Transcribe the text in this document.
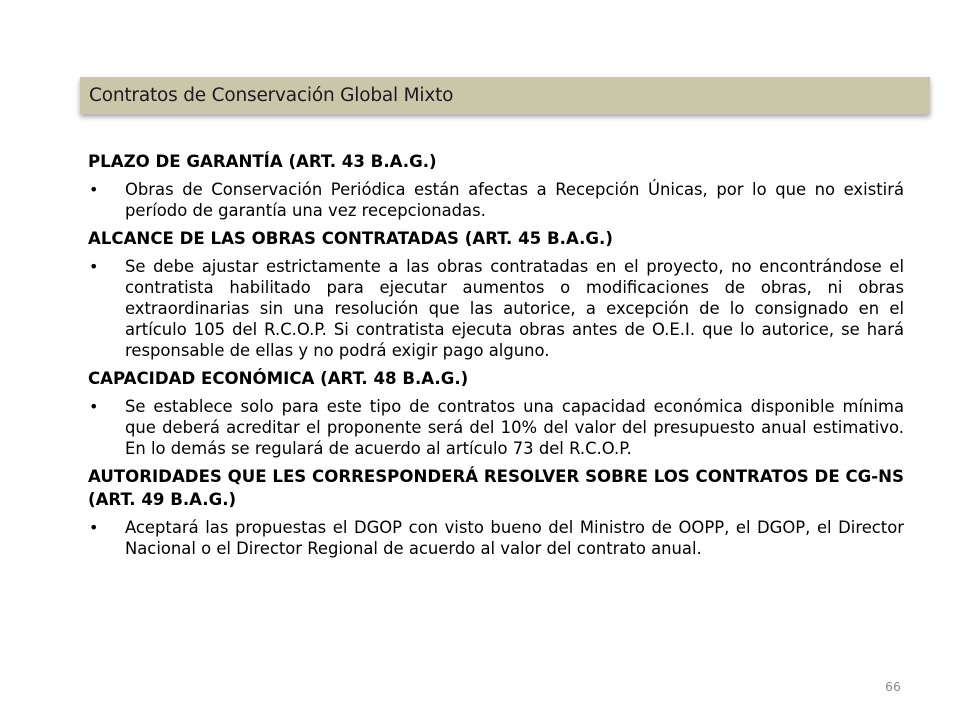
Contratos de Conservación Global Mixto
PLAZO DE GARANTÍA (ART. 43 B.A.G.)
•	Obras de Conservación Periódica están afectas a Recepción Únicas, por lo que no existirá período de garantía una vez recepcionadas.
ALCANCE DE LAS OBRAS CONTRATADAS (ART. 45 B.A.G.)
•	Se debe ajustar estrictamente a las obras contratadas en el proyecto, no encontrándose el contratista habilitado para ejecutar aumentos o modificaciones de obras, ni obras extraordinarias sin una resolución que las autorice, a excepción de lo consignado en el artículo 105 del R.C.O.P. Si contratista ejecuta obras antes de O.E.I. que lo autorice, se hará responsable de ellas y no podrá exigir pago alguno.
CAPACIDAD ECONÓMICA (ART. 48 B.A.G.)
•	Se establece solo para este tipo de contratos una capacidad económica disponible mínima que deberá acreditar el proponente será del 10% del valor del presupuesto anual estimativo. En lo demás se regulará de acuerdo al artículo 73 del R.C.O.P.
AUTORIDADES QUE LES CORRESPONDERÁ RESOLVER SOBRE LOS CONTRATOS DE CG-NS (ART. 49 B.A.G.)
•	Aceptará las propuestas el DGOP con visto bueno del Ministro de OOPP, el DGOP, el Director Nacional o el Director Regional de acuerdo al valor del contrato anual.
66
